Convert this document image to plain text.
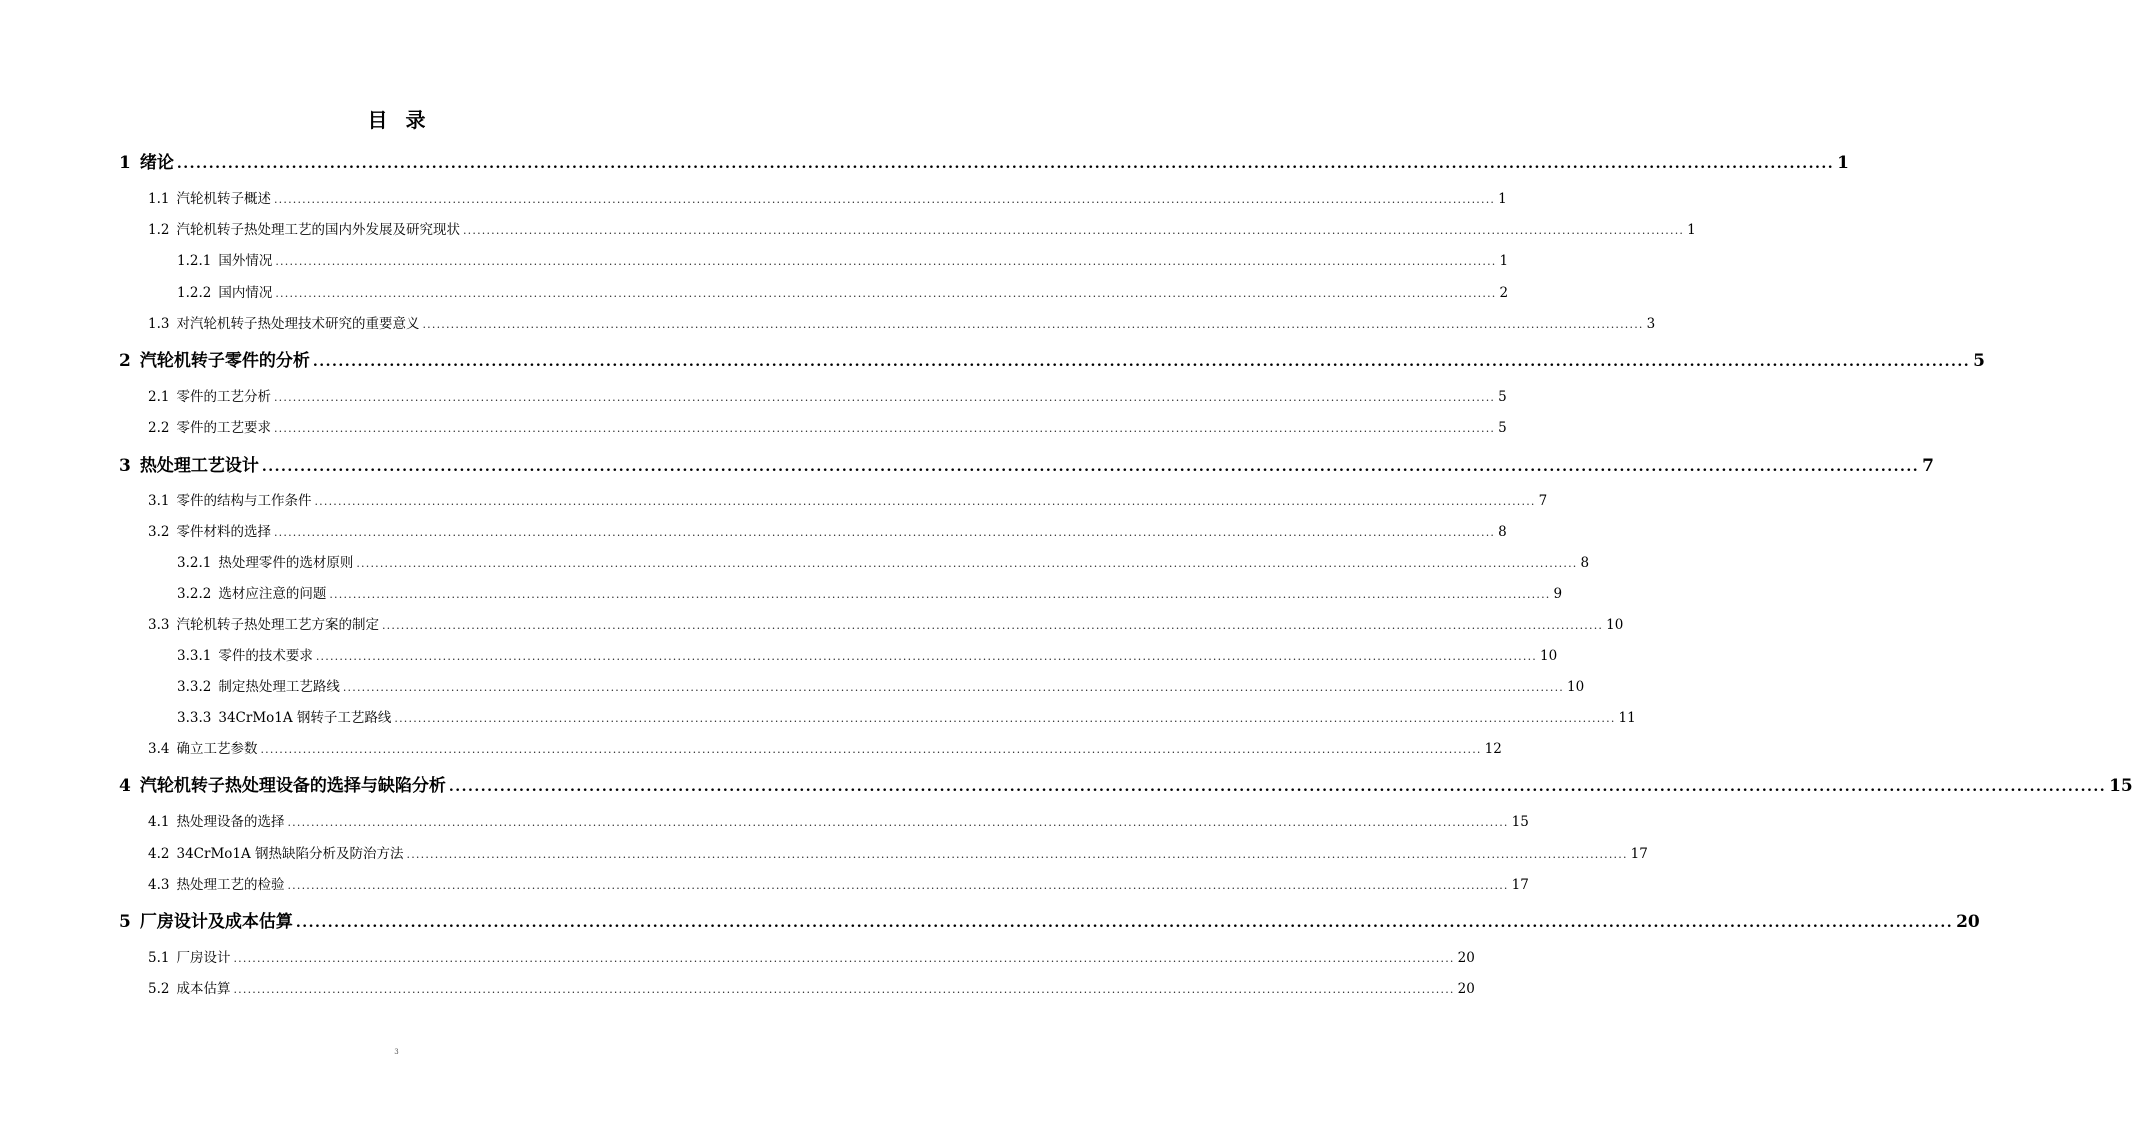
目 录
1 绪论 .................................................................................................................................................................................................................................................................... 1
1.1 汽轮机转子概述 .................................................................................................................................................................................................................................................................... 1
1.2 汽轮机转子热处理工艺的国内外发展及研究现状 .................................................................................................................................................................................................................................................................... 1
1.2.1 国外情况 .................................................................................................................................................................................................................................................................... 1
1.2.2 国内情况 .................................................................................................................................................................................................................................................................... 2
1.3 对汽轮机转子热处理技术研究的重要意义 .................................................................................................................................................................................................................................................................... 3
2 汽轮机转子零件的分析 .................................................................................................................................................................................................................................................................... 5
2.1 零件的工艺分析 .................................................................................................................................................................................................................................................................... 5
2.2 零件的工艺要求 .................................................................................................................................................................................................................................................................... 5
3 热处理工艺设计 .................................................................................................................................................................................................................................................................... 7
3.1 零件的结构与工作条件 .................................................................................................................................................................................................................................................................... 7
3.2 零件材料的选择 .................................................................................................................................................................................................................................................................... 8
3.2.1 热处理零件的选材原则 .................................................................................................................................................................................................................................................................... 8
3.2.2 选材应注意的问题 .................................................................................................................................................................................................................................................................... 9
3.3 汽轮机转子热处理工艺方案的制定 .................................................................................................................................................................................................................................................................... 10
3.3.1 零件的技术要求 .................................................................................................................................................................................................................................................................... 10
3.3.2 制定热处理工艺路线 .................................................................................................................................................................................................................................................................... 10
3.3.3 34CrMo1A 钢转子工艺路线 .................................................................................................................................................................................................................................................................... 11
3.4 确立工艺参数 .................................................................................................................................................................................................................................................................... 12
4 汽轮机转子热处理设备的选择与缺陷分析 .................................................................................................................................................................................................................................................................... 15
4.1 热处理设备的选择 .................................................................................................................................................................................................................................................................... 15
4.2 34CrMo1A 钢热缺陷分析及防治方法 .................................................................................................................................................................................................................................................................... 17
4.3 热处理工艺的检验 .................................................................................................................................................................................................................................................................... 17
5 厂房设计及成本估算 .................................................................................................................................................................................................................................................................... 20
5.1 厂房设计 .................................................................................................................................................................................................................................................................... 20
5.2 成本估算 .................................................................................................................................................................................................................................................................... 20
3
